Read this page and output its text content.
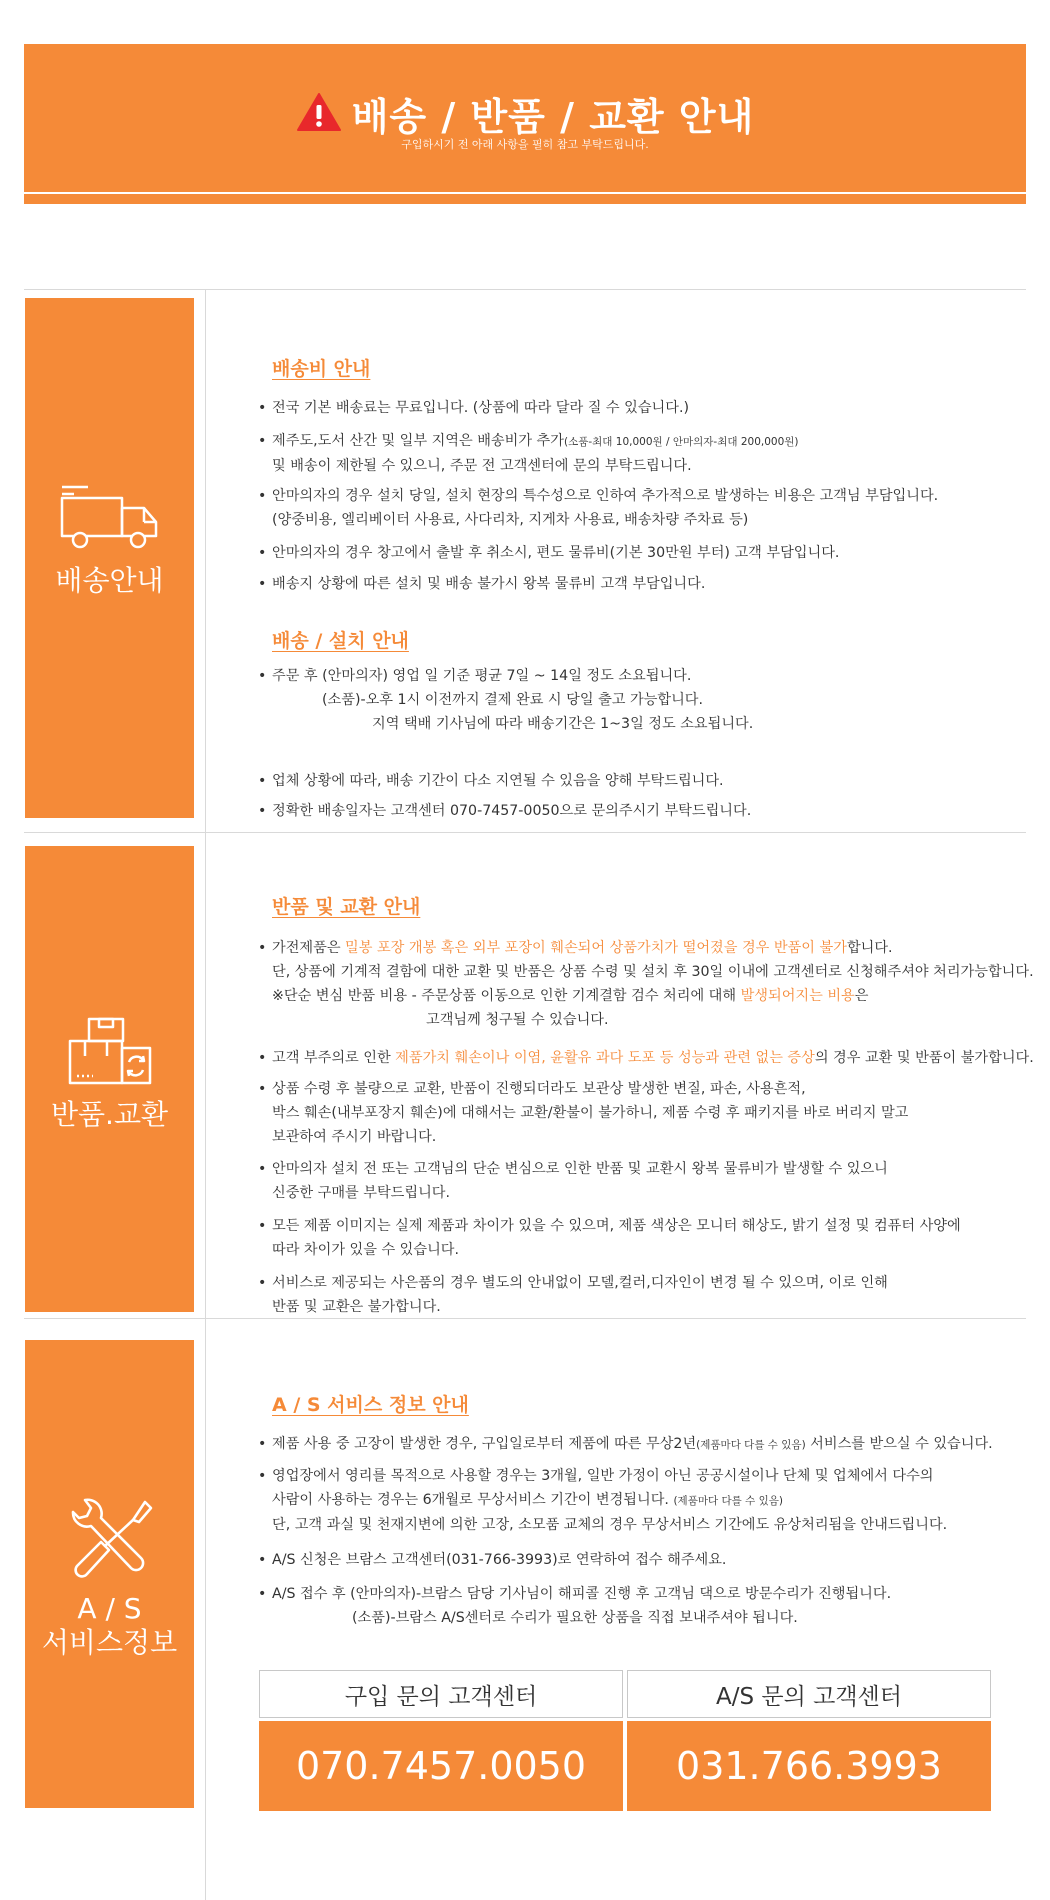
배송 / 반품 / 교환 안내
구입하시기 전 아래 사항을 필히 참고 부탁드립니다.
배송안내
배송비 안내
• 전국 기본 배송료는 무료입니다. (상품에 따라 달라 질 수 있습니다.)
• 제주도,도서 산간 및 일부 지역은 배송비가 추가(소품-최대 10,000원 / 안마의자-최대 200,000원)
및 배송이 제한될 수 있으니, 주문 전 고객센터에 문의 부탁드립니다.
• 안마의자의 경우 설치 당일, 설치 현장의 특수성으로 인하여 추가적으로 발생하는 비용은 고객님 부담입니다.
(양중비용, 엘리베이터 사용료, 사다리차, 지게차 사용료, 배송차량 주차료 등)
• 안마의자의 경우 창고에서 출발 후 취소시, 편도 물류비(기본 30만원 부터) 고객 부담입니다.
• 배송지 상황에 따른 설치 및 배송 불가시 왕복 물류비 고객 부담입니다.
배송 / 설치 안내
• 주문 후 (안마의자) 영업 일 기준 평균 7일 ~ 14일 정도 소요됩니다.
(소품)-오후 1시 이전까지 결제 완료 시 당일 출고 가능합니다.
지역 택배 기사님에 따라 배송기간은 1~3일 정도 소요됩니다.
• 업체 상황에 따라, 배송 기간이 다소 지연될 수 있음을 양해 부탁드립니다.
• 정확한 배송일자는 고객센터 070-7457-0050으로 문의주시기 부탁드립니다.
반품.교환
반품 및 교환 안내
• 가전제품은 밀봉 포장 개봉 혹은 외부 포장이 훼손되어 상품가치가 떨어졌을 경우 반품이 불가합니다.
단, 상품에 기계적 결함에 대한 교환 및 반품은 상품 수령 및 설치 후 30일 이내에 고객센터로 신청해주셔야 처리가능합니다.
※단순 변심 반품 비용 - 주문상품 이동으로 인한 기계결함 검수 처리에 대해 발생되어지는 비용은
고객님께 청구될 수 있습니다.
• 고객 부주의로 인한 제품가치 훼손이나 이염, 윤활유 과다 도포 등 성능과 관련 없는 증상의 경우 교환 및 반품이 불가합니다.
• 상품 수령 후 불량으로 교환, 반품이 진행되더라도 보관상 발생한 변질, 파손, 사용흔적,
박스 훼손(내부포장지 훼손)에 대해서는 교환/환불이 불가하니, 제품 수령 후 패키지를 바로 버리지 말고
보관하여 주시기 바랍니다.
• 안마의자 설치 전 또는 고객님의 단순 변심으로 인한 반품 및 교환시 왕복 물류비가 발생할 수 있으니
신중한 구매를 부탁드립니다.
• 모든 제품 이미지는 실제 제품과 차이가 있을 수 있으며, 제품 색상은 모니터 해상도, 밝기 설정 및 컴퓨터 사양에
따라 차이가 있을 수 있습니다.
• 서비스로 제공되는 사은품의 경우 별도의 안내없이 모델,컬러,디자인이 변경 될 수 있으며, 이로 인해
반품 및 교환은 불가합니다.
A / S
서비스정보
A / S 서비스 정보 안내
• 제품 사용 중 고장이 발생한 경우, 구입일로부터 제품에 따른 무상2년(제품마다 다를 수 있음) 서비스를 받으실 수 있습니다.
• 영업장에서 영리를 목적으로 사용할 경우는 3개월, 일반 가정이 아닌 공공시설이나 단체 및 업체에서 다수의
사람이 사용하는 경우는 6개월로 무상서비스 기간이 변경됩니다. (제품마다 다를 수 있음)
단, 고객 과실 및 천재지변에 의한 고장, 소모품 교체의 경우 무상서비스 기간에도 유상처리됨을 안내드립니다.
• A/S 신청은 브람스 고객센터(031-766-3993)로 연락하여 접수 해주세요.
• A/S 접수 후 (안마의자)-브람스 담당 기사님이 해피콜 진행 후 고객님 댁으로 방문수리가 진행됩니다.
(소품)-브람스 A/S센터로 수리가 필요한 상품을 직접 보내주셔야 됩니다.
구입 문의 고객센터	A/S 문의 고객센터
070.7457.0050	031.766.3993
